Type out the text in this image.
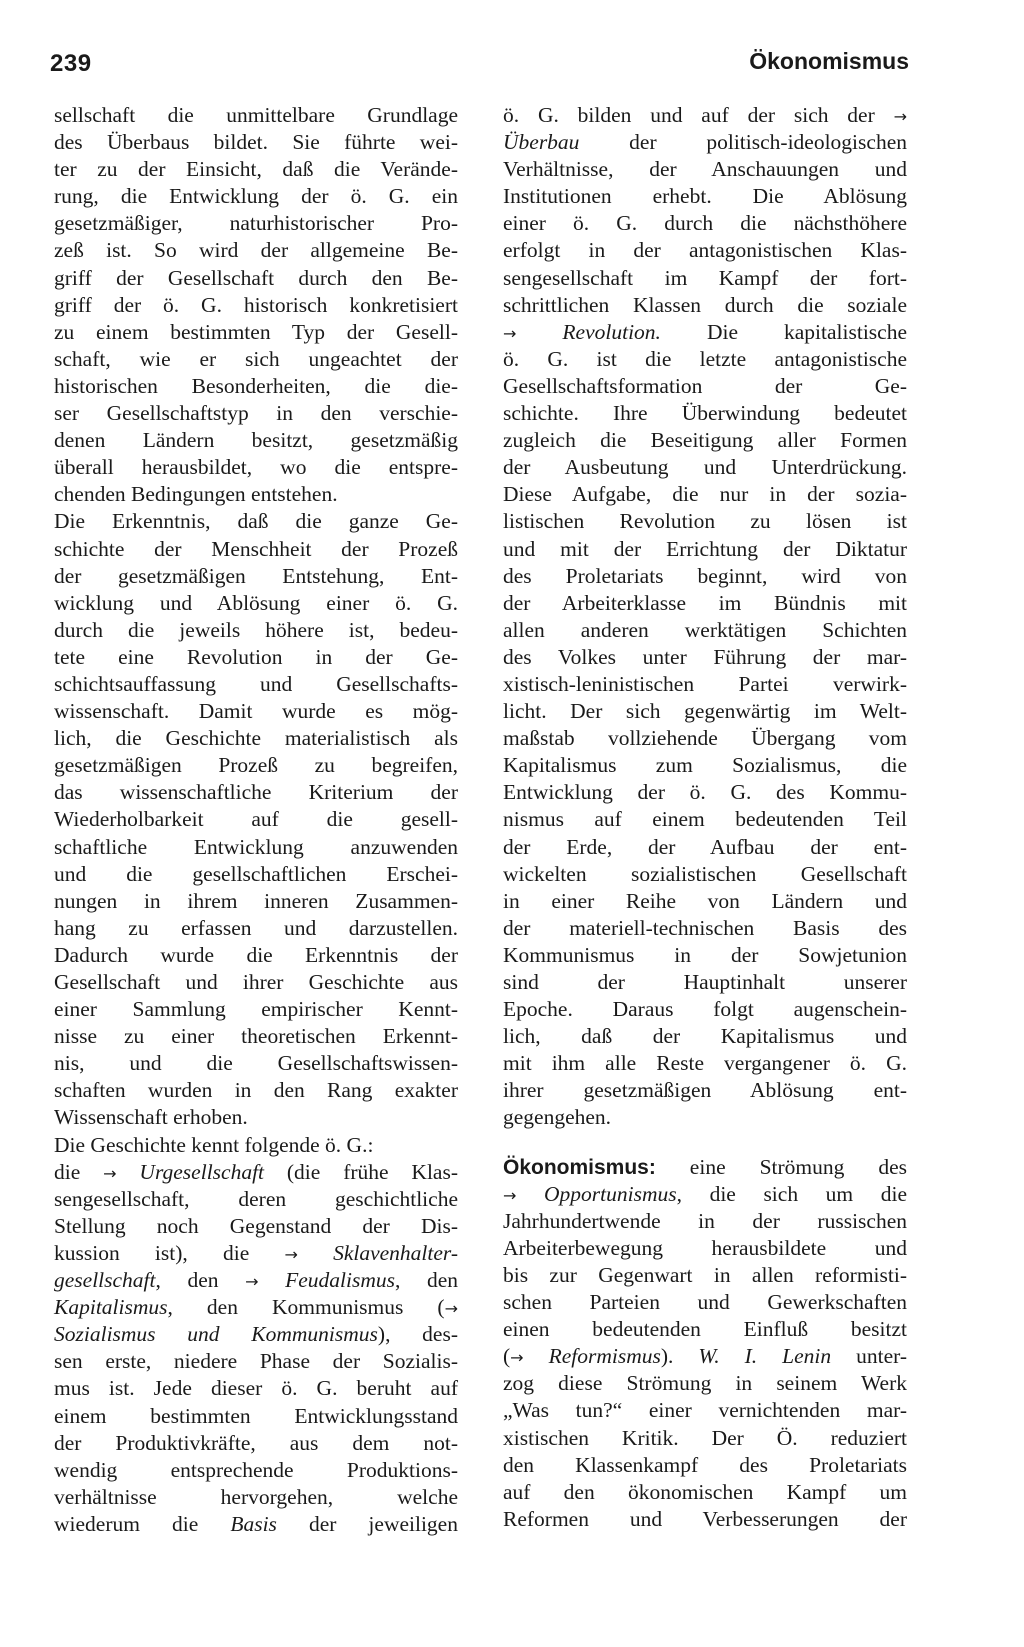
239	Ökonomismus
sellschaft die unmittelbare Grundlage
des Überbaus bildet. Sie führte wei-
ter zu der Einsicht, daß die Verände-
rung, die Entwicklung der ö. G. ein
gesetzmäßiger, naturhistorischer Pro-
zeß ist. So wird der allgemeine Be-
griff der Gesellschaft durch den Be-
griff der ö. G. historisch konkretisiert
zu einem bestimmten Typ der Gesell-
schaft, wie er sich ungeachtet der
historischen Besonderheiten, die die-
ser Gesellschaftstyp in den verschie-
denen Ländern besitzt, gesetzmäßig
überall herausbildet, wo die entspre-
chenden Bedingungen entstehen.
Die Erkenntnis, daß die ganze Ge-
schichte der Menschheit der Prozeß
der gesetzmäßigen Entstehung, Ent-
wicklung und Ablösung einer ö. G.
durch die jeweils höhere ist, bedeu-
tete eine Revolution in der Ge-
schichtsauffassung und Gesellschafts-
wissenschaft. Damit wurde es mög-
lich, die Geschichte materialistisch als
gesetzmäßigen Prozeß zu begreifen,
das wissenschaftliche Kriterium der
Wiederholbarkeit auf die gesell-
schaftliche Entwicklung anzuwenden
und die gesellschaftlichen Erschei-
nungen in ihrem inneren Zusammen-
hang zu erfassen und darzustellen.
Dadurch wurde die Erkenntnis der
Gesellschaft und ihrer Geschichte aus
einer Sammlung empirischer Kennt-
nisse zu einer theoretischen Erkennt-
nis, und die Gesellschaftswissen-
schaften wurden in den Rang exakter
Wissenschaft erhoben.
Die Geschichte kennt folgende ö. G.:
die → Urgesellschaft (die frühe Klas-
sengesellschaft, deren geschichtliche
Stellung noch Gegenstand der Dis-
kussion ist), die → Sklavenhalter-
gesellschaft, den → Feudalismus, den
Kapitalismus, den Kommunismus (→
Sozialismus und Kommunismus), des-
sen erste, niedere Phase der Sozialis-
mus ist. Jede dieser ö. G. beruht auf
einem bestimmten Entwicklungsstand
der Produktivkräfte, aus dem not-
wendig entsprechende Produktions-
verhältnisse hervorgehen, welche
wiederum die Basis der jeweiligen
ö. G. bilden und auf der sich der →
Überbau der politisch-ideologischen
Verhältnisse, der Anschauungen und
Institutionen erhebt. Die Ablösung
einer ö. G. durch die nächsthöhere
erfolgt in der antagonistischen Klas-
sengesellschaft im Kampf der fort-
schrittlichen Klassen durch die soziale
→ Revolution. Die kapitalistische
ö. G. ist die letzte antagonistische
Gesellschaftsformation der Ge-
schichte. Ihre Überwindung bedeutet
zugleich die Beseitigung aller Formen
der Ausbeutung und Unterdrückung.
Diese Aufgabe, die nur in der sozia-
listischen Revolution zu lösen ist
und mit der Errichtung der Diktatur
des Proletariats beginnt, wird von
der Arbeiterklasse im Bündnis mit
allen anderen werktätigen Schichten
des Volkes unter Führung der mar-
xistisch-leninistischen Partei verwirk-
licht. Der sich gegenwärtig im Welt-
maßstab vollziehende Übergang vom
Kapitalismus zum Sozialismus, die
Entwicklung der ö. G. des Kommu-
nismus auf einem bedeutenden Teil
der Erde, der Aufbau der ent-
wickelten sozialistischen Gesellschaft
in einer Reihe von Ländern und
der materiell-technischen Basis des
Kommunismus in der Sowjetunion
sind der Hauptinhalt unserer
Epoche. Daraus folgt augenschein-
lich, daß der Kapitalismus und
mit ihm alle Reste vergangener ö. G.
ihrer gesetzmäßigen Ablösung ent-
gegengehen.
Ökonomismus: eine Strömung des
→ Opportunismus, die sich um die
Jahrhundertwende in der russischen
Arbeiterbewegung herausbildete und
bis zur Gegenwart in allen reformisti-
schen Parteien und Gewerkschaften
einen bedeutenden Einfluß besitzt
(→ Reformismus). W. I. Lenin unter-
zog diese Strömung in seinem Werk
„Was tun?“ einer vernichtenden mar-
xistischen Kritik. Der Ö. reduziert
den Klassenkampf des Proletariats
auf den ökonomischen Kampf um
Reformen und Verbesserungen der
